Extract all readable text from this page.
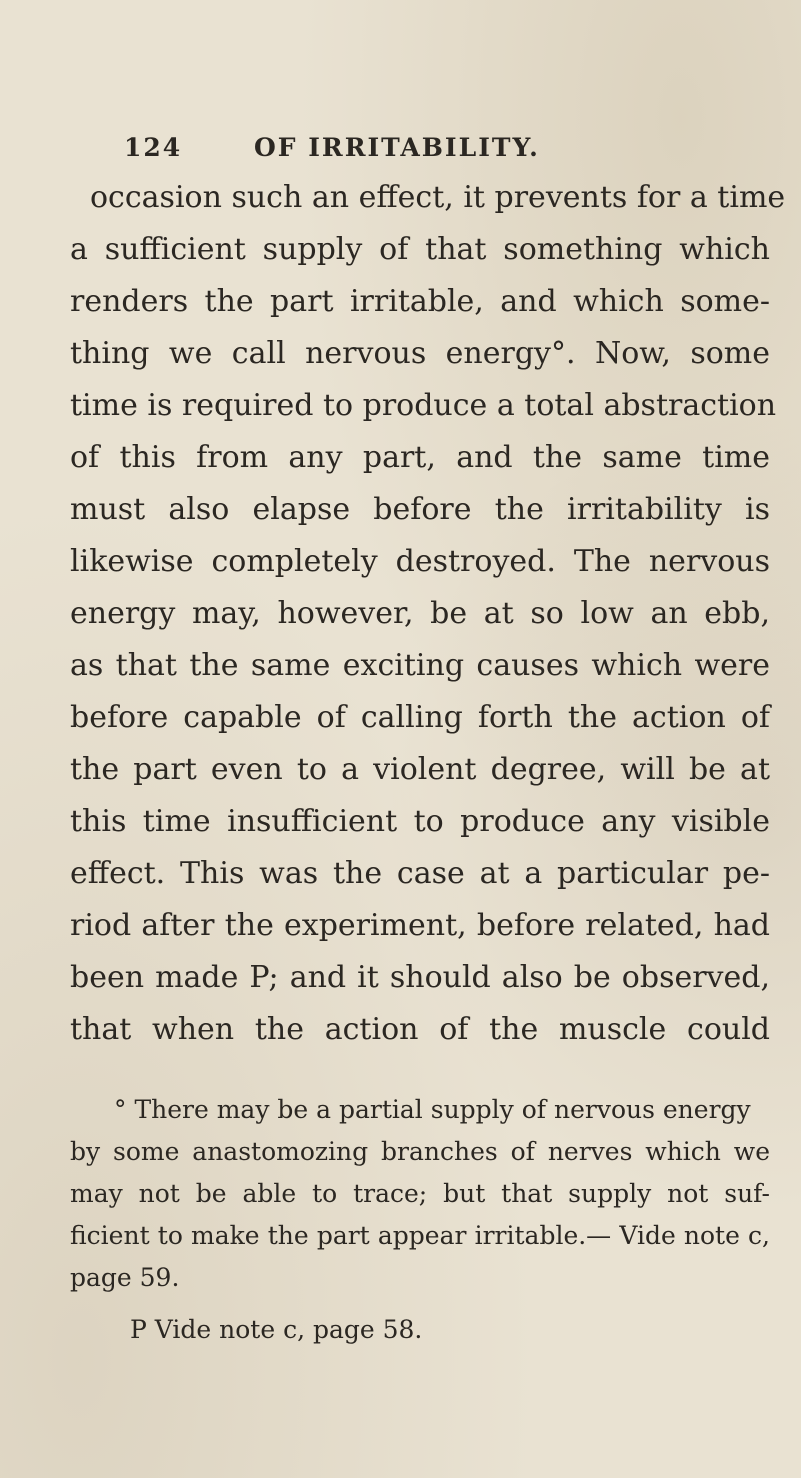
124	OF IRRITABILITY.
occasion such an effect, it prevents for a time
a sufficient supply of that something which
renders the part irritable, and which some-
thing we call nervous energy°. Now, some
time is required to produce a total abstraction
of this from any part, and the same time
must also elapse before the irritability is
likewise completely destroyed. The nervous
energy may, however, be at so low an ebb,
as that the same exciting causes which were
before capable of calling forth the action of
the part even to a violent degree, will be at
this time insufficient to produce any visible
effect. This was the case at a particular pe-
riod after the experiment, before related, had
been made P; and it should also be observed,
that when the action of the muscle could
° There may be a partial supply of nervous energy
by some anastomozing branches of nerves which we
may not be able to trace; but that supply not suf-
ficient to make the part appear irritable.— Vide note c,
page 59.
P Vide note c, page 58.
